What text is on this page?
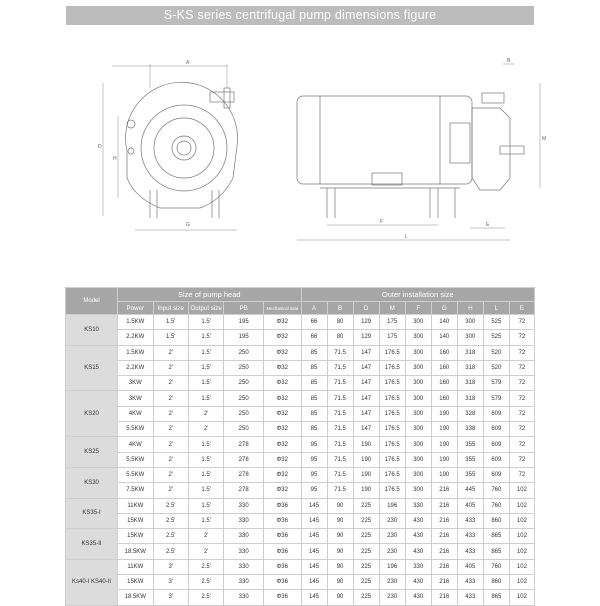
S-KS series centrifugal pump dimensions figure
A
D
H
G
B
M
F
L
E
Model	Size of pump head					Outer installation size								
	Power	Input size	Output size	PB	Mechanical seal	A	B	D	M	F	G	H	L	E
KS10	1.5KW	1.5'	1.5'	195	Φ32	66	80	129	175	300	140	300	525	72
	2.2KW	1.5'	1.5'	195	Φ32	66	80	129	175	300	140	300	525	72
KS15	1.5KW	2'	1.5'	250	Φ32	85	71.5	147	176.5	300	160	318	520	72
	2.2KW	2'	1.5'	250	Φ32	85	71.5	147	176.5	300	160	318	520	72
	3KW	2'	1.5'	250	Φ32	85	71.5	147	176.5	300	160	318	579	72
KS20	3KW	2'	1.5'	250	Φ32	85	71.5	147	176.5	300	160	318	579	72
	4KW	2'	2'	250	Φ32	85	71.5	147	176.5	300	190	328	609	72
	5.5KW	2'	2'	250	Φ32	85	71.5	147	176.5	300	190	338	609	72
KS25	4KW	2'	1.5'	278	Φ32	95	71.5	190	176.5	300	190	355	609	72
	5.5KW	2'	1.5'	278	Φ32	95	71.5	190	176.5	300	190	355	609	72
KS30	5.5KW	2'	1.5'	278	Φ32	95	71.5	190	176.5	300	190	355	609	72
	7.5KW	2'	1.5'	278	Φ32	95	71.5	190	176.5	300	216	445	760	102
KS35-I	11KW	2.5'	1.5'	330	Φ36	145	90	225	196	330	216	405	760	102
	15KW	2.5'	1.5'	330	Φ36	145	90	225	230	430	216	433	860	102
KS35-II	15KW	2.5'	2'	330	Φ36	145	90	225	230	430	216	433	865	102
	18.5KW	2.5'	2'	330	Φ36	145	90	225	230	430	216	433	865	102
Ks40-I KS40-II	11KW	3'	2.5'	330	Φ36	145	90	225	196	330	216	405	760	102
	15KW	3'	2.5'	330	Φ36	145	90	225	230	430	216	433	860	102
	18.5KW	3'	2.5'	330	Φ36	145	90	225	230	430	216	433	865	102
